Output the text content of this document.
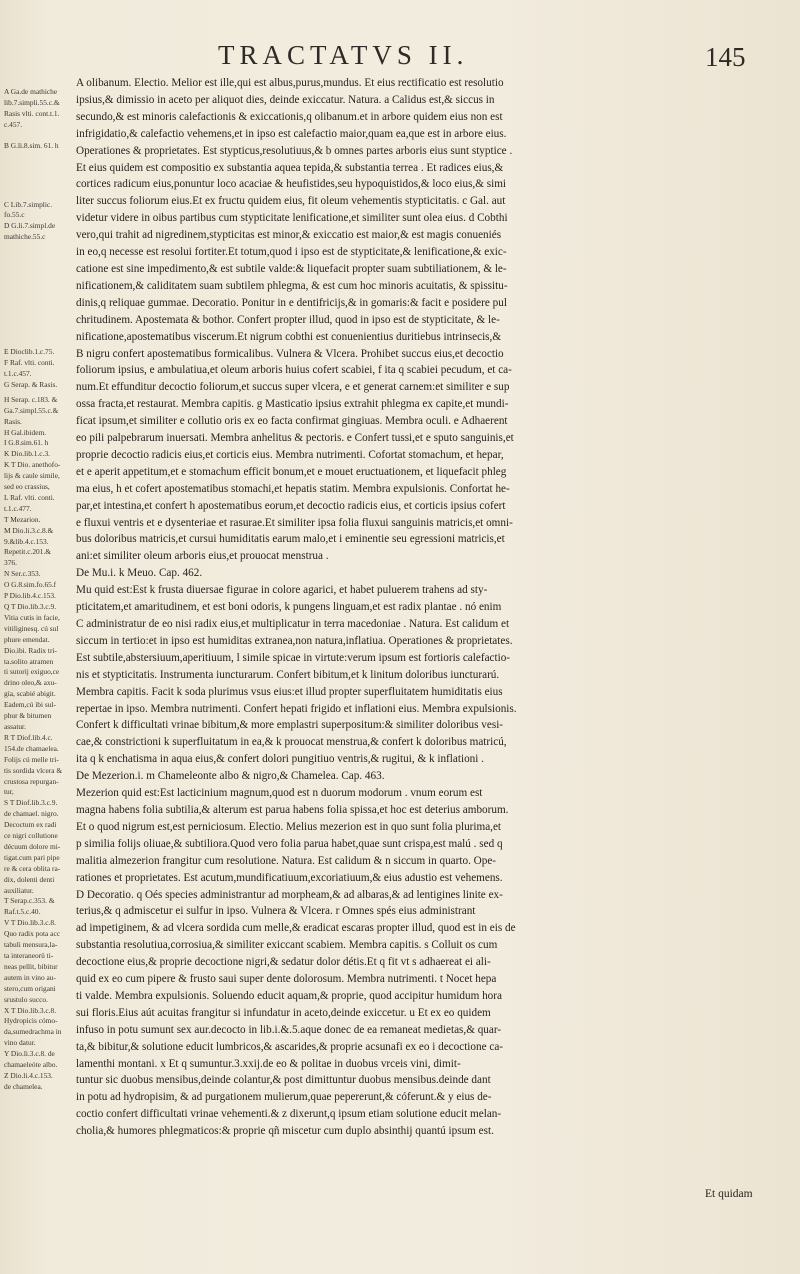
TRACTATVS II.	145
A Ga.de mathiche
lib.7.simpli.55.c.&
Rasis vlti. cont.t.1.
c.457.
B G.li.8.sim. 61. h
C Lib.7.simplic.
fo.55.c
D G.li.7.simpl.de
mathiche.55.c
E Dioclib.1.c.75.
F Raf. vlti. conti.
t.1.c.457.
G Serap. & Rasis.
H Serap. c.183. &
Ga.7.simpl.55.c.&
Rasis.
H Gal.ibidem.
I G.8.sim.61. h
K Dio.lib.1.c.3.
K T Dio. anethofo-
lijs & caule simile,
sed eo crassius,
L Raf. vlti. conti.
t.1.c.477.
T Mezarion.
M Dio.li.3.c.8.&
9.&lib.4.c.153.
Repetit.c.201.&
376.
N Ser.c.353.
O G.8.sim.fo.65.f
P Dio.lib.4.c.153.
Q T Dio.lib.3.c.9.
Vitia cutis in facie,
vitiliginesq. cú sul
phure emendat.
Dio.ibi. Radix tri-
ta.solito atramen
ti sutorij exiguo,ce
drino oleo,& axu-
gia, scabié abigit.
Eadem,cú ibi sul-
phur & bitumen
assatur.
R T Diof.lib.4.c.
154.de chamaelea.
Folijs cú melle tri-
tis sordida vlcera &
crustosa repurgan-
tur,
S T Diof.lib.3.c.9.
de chamael. nigro.
Decoctum ex radi
ce nigri collutione
décuum dolore mi-
tigat.cum pari pipe
re & cera oblita ra-
dix, dolenti denti
auxiliatur.
T Serap.c.353. &
Raf.t.5.c.40.
V T Dio.lib.3.c.8.
Quo radix pota acc
tabuli mensura,la-
ta interaneorü ti-
neas pellit, bibitur
autem in vino au-
stero,cum origani
srustulo succo.
X T Dio.lib.3.c.8.
Hydropicis cómo-
da,sumedrachma in
vino datur.
Y Dio.li.3.c.8. de
chamaeleóte albo.
Z Dio.li.4.c.153.
de chamelea.
A olibanum. Electio. Melior est ille,qui est albus,purus,mundus. Et eius rectificatio est resolutio
ipsius,& dimissio in aceto per aliquot dies, deinde exiccatur. Natura. a Calidus est,& siccus in
secundo,& est minoris calefactionis & exiccationis,q olibanum.et in arbore quidem eius non est
infrigidatio,& calefactio vehemens,et in ipso est calefactio maior,quam ea,que est in arbore eius.
Operationes & proprietates. Est stypticus,resolutiuus,& b omnes partes arboris eius sunt styptice .
Et eius quidem est compositio ex substantia aquea tepida,& substantia terrea . Et radices eius,&
cortices radicum eius,ponuntur loco acaciae & heufistides,seu hypoquistidos,& loco eius,& simi
liter succus foliorum eius.Et ex fructu quidem eius, fit oleum vehementis stypticitatis. c Gal. aut
videtur videre in oibus partibus cum stypticitate lenificatione,et similiter sunt olea eius. d Cobthi
vero,qui trahit ad nigredinem,stypticitas est minor,& exiccatio est maior,& est magis conueniés
in eo,q necesse est resolui fortiter.Et totum,quod i ipso est de stypticitate,& lenificatione,& exic-
catione est sine impedimento,& est subtile valde:& liquefacit propter suam subtiliationem, & le-
nificationem,& caliditatem suam subtilem phlegma, & est cum hoc minoris acuitatis, & spissitu-
dinis,q reliquae gummae. Decoratio. Ponitur in e dentifricijs,& in gomaris:& facit e posidere pul
chritudinem. Apostemata & bothor. Confert propter illud, quod in ipso est de stypticitate, & le-
nificatione,apostematibus viscerum.Et nigrum cobthi est conuenientius duritiebus intrinsecis,&
B nigru confert apostematibus formicalibus. Vulnera & Vlcera. Prohibet succus eius,et decoctio
foliorum ipsius, e ambulatiua,et oleum arboris huius cofert scabiei, f ita q scabiei pecudum, et ca-
num.Et effunditur decoctio foliorum,et succus super vlcera, e et generat carnem:et similiter e sup
ossa fracta,et restaurat. Membra capitis. g Masticatio ipsius extrahit phlegma ex capite,et mundi-
ficat ipsum,et similiter e collutio oris ex eo facta confirmat gingiuas. Membra oculi. e Adhaerent
eo pili palpebrarum inuersati. Membra anhelitus & pectoris. e Confert tussi,et e sputo sanguinis,et
proprie decoctio radicis eius,et corticis eius. Membra nutrimenti. Cofortat stomachum, et hepar,
et e aperit appetitum,et e stomachum efficit bonum,et e mouet eructuationem, et liquefacit phleg
ma eius, h et cofert apostematibus stomachi,et hepatis statim. Membra expulsionis. Confortat he-
par,et intestina,et confert h apostematibus eorum,et decoctio radicis eius, et corticis ipsius cofert
e fluxui ventris et e dysenteriae et rasurae.Et similiter ipsa folia fluxui sanguinis matricis,et omni-
bus doloribus matricis,et cursui humiditatis earum malo,et i eminentie seu egressioni matricis,et
ani:et similiter oleum arboris eius,et prouocat menstrua .
De Mu.i. k Meuo. Cap. 462.
Mu quid est:Est k frusta diuersae figurae in colore agarici, et habet puluerem trahens ad sty-
pticitatem,et amaritudinem, et est boni odoris, k pungens linguam,et est radix plantae . nó enim
C administratur de eo nisi radix eius,et multiplicatur in terra macedoniae . Natura. Est calidum et
siccum in tertio:et in ipso est humiditas extranea,non natura,inflatiua. Operationes & proprietates.
Est subtile,abstersiuum,aperitiuum, l simile spicae in virtute:verum ipsum est fortioris calefactio-
nis et stypticitatis. Instrumenta iuncturarum. Confert bibitum,et k linitum doloribus iuncturarú.
Membra capitis. Facit k soda plurimus vsus eius:et illud propter superfluitatem humiditatis eius
repertae in ipso. Membra nutrimenti. Confert hepati frigido et inflationi eius. Membra expulsionis.
Confert k difficultati vrinae bibitum,& more emplastri superpositum:& similiter doloribus vesi-
cae,& constrictioni k superfluitatum in ea,& k prouocat menstrua,& confert k doloribus matricú,
ita q k enchatisma in aqua eius,& confert dolori pungitiuo ventris,& rugitui, & k inflationi .
De Mezerion.i. m Chameleonte albo & nigro,& Chamelea. Cap. 463.
Mezerion quid est:Est lacticinium magnum,quod est n duorum modorum . vnum eorum est
magna habens folia subtilia,& alterum est parua habens folia spissa,et hoc est deterius amborum.
Et o quod nigrum est,est perniciosum. Electio. Melius mezerion est in quo sunt folia plurima,et
p similia folijs oliuae,& subtiliora.Quod vero folia parua habet,quae sunt crispa,est malú . sed q
malitia almezerion frangitur cum resolutione. Natura. Est calidum & n siccum in quarto. Ope-
rationes et proprietates. Est acutum,mundificatiuum,excoriatiuum,& eius adustio est vehemens.
D Decoratio. q Oés species administrantur ad morpheam,& ad albaras,& ad lentigines linite ex-
terius,& q admiscetur ei sulfur in ipso. Vulnera & Vlcera. r Omnes spés eius administrant
ad impetiginem, & ad vlcera sordida cum melle,& eradicat escaras propter illud, quod est in eis de
substantia resolutiua,corrosiua,& similiter exiccant scabiem. Membra capitis. s Colluit os cum
decoctione eius,& proprie decoctione nigri,& sedatur dolor détis.Et q fit vt s adhaereat ei ali-
quid ex eo cum pipere & frusto saui super dente dolorosum. Membra nutrimenti. t Nocet hepa
ti valde. Membra expulsionis. Soluendo educit aquam,& proprie, quod accipitur humidum hora
sui floris.Eius aút acuitas frangitur si infundatur in aceto,deinde exiccetur. u Et ex eo quidem
infuso in potu sumunt sex aur.decocto in lib.i.&.5.aque donec de ea remaneat medietas,& quar-
ta,& bibitur,& solutione educit lumbricos,& ascarides,& proprie acsunafi ex eo i decoctione ca-
lamenthi montani. x Et q sumuntur.3.xxij.de eo & politae in duobus vrceis vini, dimit-
tuntur sic duobus mensibus,deinde colantur,& post dimittuntur duobus mensibus.deinde dant
in potu ad hydropisim, & ad purgationem mulierum,quae pepererunt,& cóferunt.& y eius de-
coctio confert difficultati vrinae vehementi.& z dixerunt,q ipsum etiam solutione educit melan-
cholia,& humores phlegmaticos:& proprie qñ miscetur cum duplo absinthij quantú ipsum est.
Et quidam
